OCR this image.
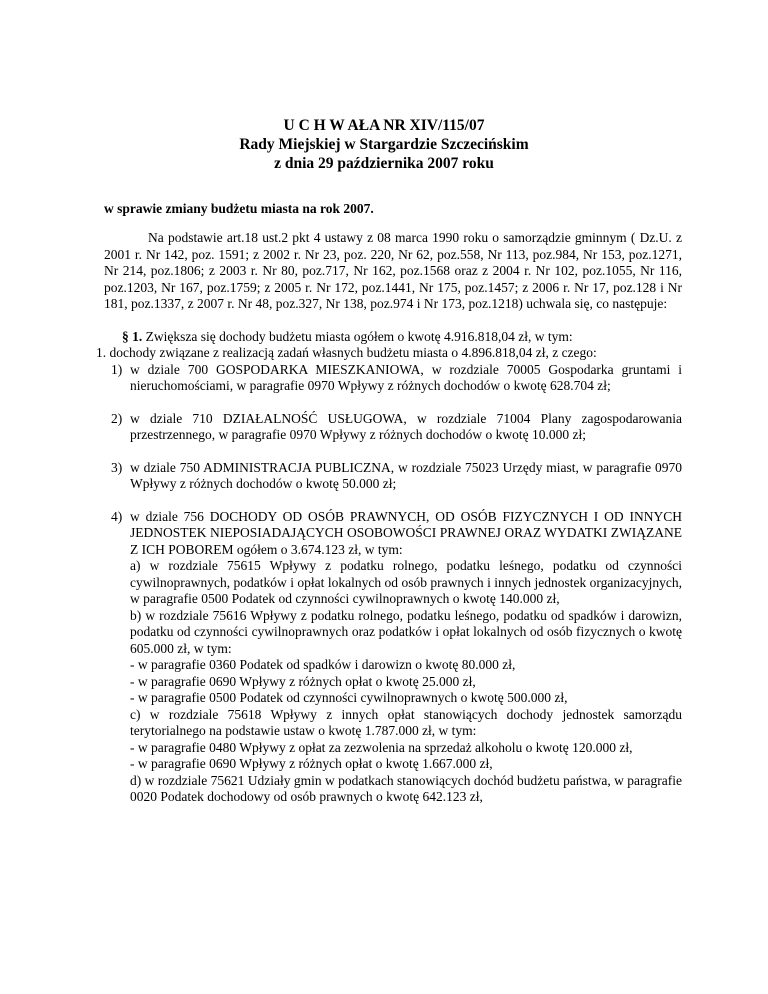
U C H W AŁA NR XIV/115/07
Rady Miejskiej w Stargardzie Szczecińskim
z dnia 29 października 2007 roku
w sprawie zmiany budżetu miasta na rok 2007.
Na podstawie art.18 ust.2 pkt 4 ustawy z 08 marca 1990 roku o samorządzie gminnym ( Dz.U. z 2001 r. Nr 142, poz. 1591; z 2002 r. Nr 23, poz. 220, Nr 62, poz.558, Nr 113, poz.984, Nr 153, poz.1271, Nr 214, poz.1806; z 2003 r. Nr 80, poz.717, Nr 162, poz.1568 oraz z 2004 r. Nr 102, poz.1055, Nr 116, poz.1203, Nr 167, poz.1759; z 2005 r. Nr 172, poz.1441, Nr 175, poz.1457; z 2006 r. Nr 17, poz.128 i Nr 181, poz.1337, z 2007 r. Nr 48, poz.327, Nr 138, poz.974 i Nr 173, poz.1218) uchwala się, co następuje:
§ 1. Zwiększa się dochody budżetu miasta ogółem o kwotę 4.916.818,04 zł, w tym:
1. dochody związane z realizacją zadań własnych budżetu miasta o 4.896.818,04 zł, z czego:
1) w dziale 700 GOSPODARKA MIESZKANIOWA, w rozdziale 70005 Gospodarka gruntami i nieruchomościami, w paragrafie 0970 Wpływy z różnych dochodów o kwotę 628.704 zł;
2) w dziale 710 DZIAŁALNOŚĆ USŁUGOWA, w rozdziale 71004 Plany zagospodarowania przestrzennego, w paragrafie 0970 Wpływy z różnych dochodów o kwotę 10.000 zł;
3) w dziale 750 ADMINISTRACJA PUBLICZNA, w rozdziale 75023 Urzędy miast, w paragrafie 0970 Wpływy z różnych dochodów o kwotę 50.000 zł;
4) w dziale 756 DOCHODY OD OSÓB PRAWNYCH, OD OSÓB FIZYCZNYCH I OD INNYCH JEDNOSTEK NIEPOSIADAJĄCYCH OSOBOWOŚCI PRAWNEJ ORAZ WYDATKI ZWIĄZANE Z ICH POBOREM ogółem o 3.674.123 zł, w tym:
a) w rozdziale 75615 Wpływy z podatku rolnego, podatku leśnego, podatku od czynności cywilnoprawnych, podatków i opłat lokalnych od osób prawnych i innych jednostek organizacyjnych, w paragrafie 0500 Podatek od czynności cywilnoprawnych o kwotę 140.000 zł,
b) w rozdziale 75616 Wpływy z podatku rolnego, podatku leśnego, podatku od spadków i darowizn, podatku od czynności cywilnoprawnych oraz podatków i opłat lokalnych od osób fizycznych o kwotę 605.000 zł, w tym:
- w paragrafie 0360 Podatek od spadków i darowizn o kwotę 80.000 zł,
- w paragrafie 0690 Wpływy z różnych opłat o kwotę 25.000 zł,
- w paragrafie 0500 Podatek od czynności cywilnoprawnych o kwotę 500.000 zł,
c) w rozdziale 75618 Wpływy z innych opłat stanowiących dochody jednostek samorządu terytorialnego na podstawie ustaw o kwotę 1.787.000 zł, w tym:
- w paragrafie 0480 Wpływy z opłat za zezwolenia na sprzedaż alkoholu o kwotę 120.000 zł,
- w paragrafie 0690 Wpływy z różnych opłat o kwotę 1.667.000 zł,
d) w rozdziale 75621 Udziały gmin w podatkach stanowiących dochód budżetu państwa, w paragrafie 0020 Podatek dochodowy od osób prawnych o kwotę 642.123 zł,
